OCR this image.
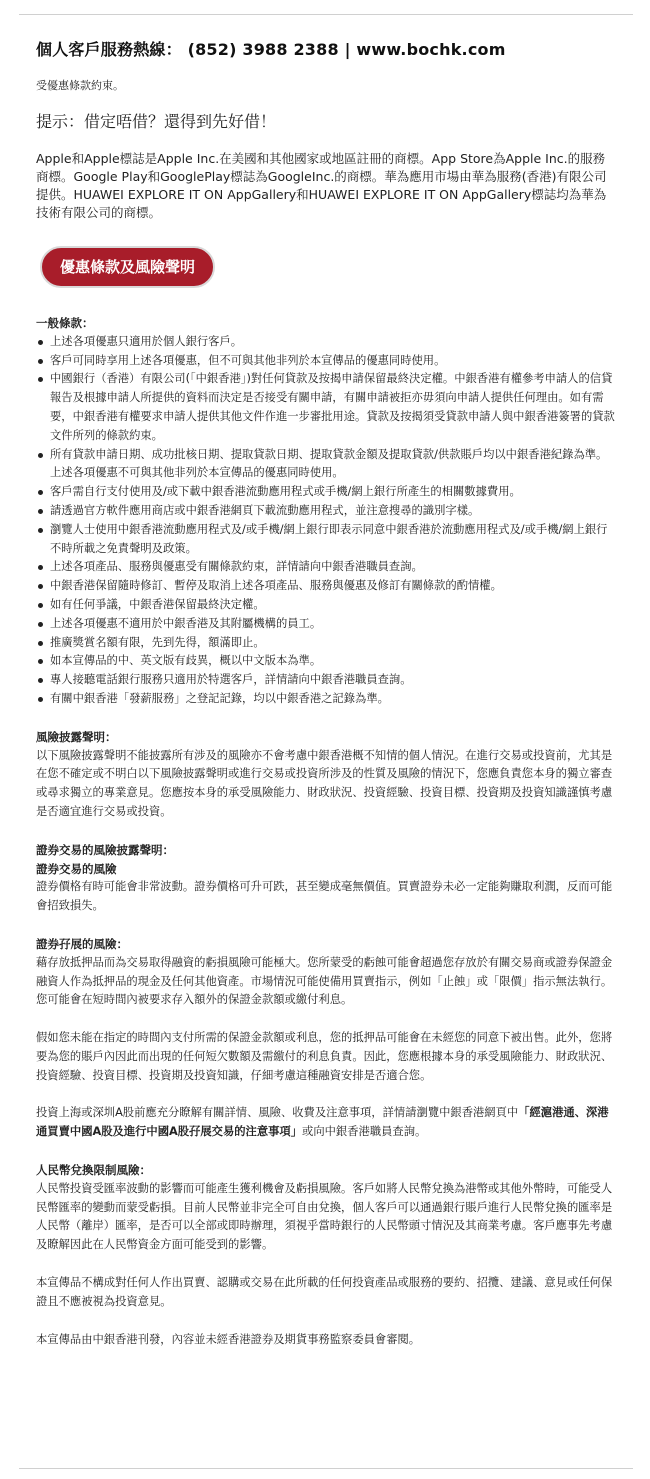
個人客戶服務熱線： (852) 3988 2388 | www.bochk.com

受優惠條款約束。

提示：借定唔借？還得到先好借！

Apple和Apple標誌是Apple Inc.在美國和其他國家或地區註冊的商標。App Store為Apple Inc.的服務商標。Google Play和GooglePlay標誌為GoogleInc.的商標。華為應用市場由華為服務(香港)有限公司提供。HUAWEI EXPLORE IT ON AppGallery和HUAWEI EXPLORE IT ON AppGallery標誌均為華為技術有限公司的商標。

優惠條款及風險聲明

一般條款：

上述各項優惠只適用於個人銀行客戶。
客戶可同時享用上述各項優惠，但不可與其他非列於本宣傳品的優惠同時使用。
中國銀行（香港）有限公司(「中銀香港」)對任何貸款及按揭申請保留最終決定權。中銀香港有權參考申請人的信貸報告及根據申請人所提供的資料而決定是否接受有關申請，有關申請被拒亦毋須向申請人提供任何理由。如有需要，中銀香港有權要求申請人提供其他文件作進一步審批用途。貸款及按揭須受貸款申請人與中銀香港簽署的貸款文件所列的條款約束。
所有貸款申請日期、成功批核日期、提取貸款日期、提取貸款金額及提取貸款/供款賬戶均以中銀香港紀錄為準。上述各項優惠不可與其他非列於本宣傳品的優惠同時使用。
客戶需自行支付使用及/或下載中銀香港流動應用程式或手機/網上銀行所產生的相關數據費用。
請透過官方軟件應用商店或中銀香港網頁下載流動應用程式，並注意搜尋的識別字樣。
瀏覽人士使用中銀香港流動應用程式及/或手機/網上銀行即表示同意中銀香港於流動應用程式及/或手機/網上銀行不時所載之免責聲明及政策。
上述各項產品、服務與優惠受有關條款約束，詳情請向中銀香港職員查詢。
中銀香港保留隨時修訂、暫停及取消上述各項產品、服務與優惠及修訂有關條款的酌情權。
如有任何爭議，中銀香港保留最終決定權。
上述各項優惠不適用於中銀香港及其附屬機構的員工。
推廣獎賞名額有限，先到先得，額滿即止。
如本宣傳品的中、英文版有歧異，概以中文版本為準。
專人接聽電話銀行服務只適用於特選客戶，詳情請向中銀香港職員查詢。
有關中銀香港「發薪服務」之登記記錄，均以中銀香港之記錄為準。

風險披露聲明：

以下風險披露聲明不能披露所有涉及的風險亦不會考慮中銀香港概不知情的個人情況。在進行交易或投資前，尤其是在您不確定或不明白以下風險披露聲明或進行交易或投資所涉及的性質及風險的情況下，您應負責您本身的獨立審查或尋求獨立的專業意見。您應按本身的承受風險能力、財政狀況、投資經驗、投資目標、投資期及投資知識謹慎考慮是否適宜進行交易或投資。

證券交易的風險披露聲明：

證券交易的風險

證券價格有時可能會非常波動。證券價格可升可跌，甚至變成毫無價值。買賣證券未必一定能夠賺取利潤，反而可能會招致損失。

證券孖展的風險：

藉存放抵押品而為交易取得融資的虧損風險可能極大。您所蒙受的虧蝕可能會超過您存放於有關交易商或證券保證金融資人作為抵押品的現金及任何其他資產。市場情況可能使備用買賣指示，例如「止蝕」或「限價」指示無法執行。您可能會在短時間內被要求存入額外的保證金款額或繳付利息。

假如您未能在指定的時間內支付所需的保證金款額或利息，您的抵押品可能會在未經您的同意下被出售。此外，您將要為您的賬戶內因此而出現的任何短欠數額及需繳付的利息負責。因此，您應根據本身的承受風險能力、財政狀況、投資經驗、投資目標、投資期及投資知識，仔細考慮這種融資安排是否適合您。

投資上海或深圳A股前應充分瞭解有關詳情、風險、收費及注意事項，詳情請瀏覽中銀香港網頁中「經滬港通、深港通買賣中國A股及進行中國A股孖展交易的注意事項」或向中銀香港職員查詢。

人民幣兌換限制風險：

人民幣投資受匯率波動的影響而可能產生獲利機會及虧損風險。客戶如將人民幣兌換為港幣或其他外幣時，可能受人民幣匯率的變動而蒙受虧損。目前人民幣並非完全可自由兌換，個人客戶可以通過銀行賬戶進行人民幣兌換的匯率是人民幣（離岸）匯率，是否可以全部或即時辦理，須視乎當時銀行的人民幣頭寸情況及其商業考慮。客戶應事先考慮及瞭解因此在人民幣資金方面可能受到的影響。

本宣傳品不構成對任何人作出買賣、認購或交易在此所載的任何投資產品或服務的要約、招攬、建議、意見或任何保證且不應被視為投資意見。

本宣傳品由中銀香港刊發，內容並未經香港證券及期貨事務監察委員會審閱。
